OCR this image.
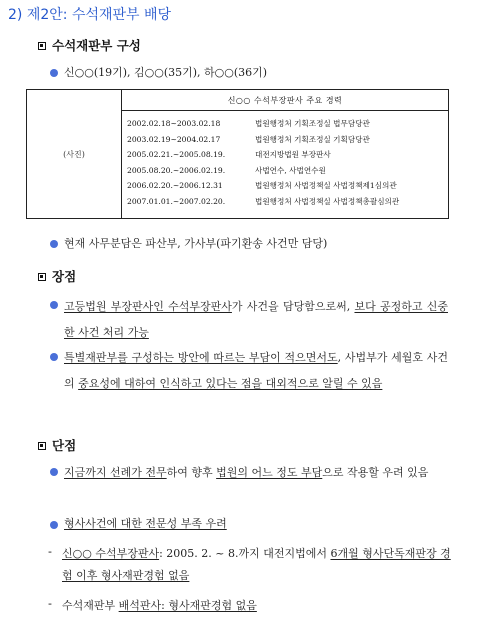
2) 제2안: 수석재판부 배당
수석재판부 구성
신○○(19기), 김○○(35기), 하○○(36기)
(사진)	신○○ 수석부장판사 주요 경력

2002.02.18~2003.02.18	법원행정처 기획조정실 법무담당관
2003.02.19~2004.02.17	법원행정처 기획조정실 기획담당관
2005.02.21.~2005.08.19.	대전지방법원 부장판사
2005.08.20.~2006.02.19.	사법연수, 사법연수원
2006.02.20.~2006.12.31	법원행정처 사법정책실 사법정책제1심의관
2007.01.01.~2007.02.20.	법원행정처 사법정책실 사법정책총괄심의관
현재 사무분담은 파산부, 가사부(파기환송 사건만 담당)
장점
고등법원 부장판사인 수석부장판사가 사건을 담당함으로써, 보다 공정하고 신중한 사건 처리 가능
특별재판부를 구성하는 방안에 따르는 부담이 적으면서도, 사법부가 세월호 사건의 중요성에 대하여 인식하고 있다는 점을 대외적으로 알릴 수 있음
단점
지금까지 선례가 전무하여 향후 법원의 어느 정도 부담으로 작용할 우려 있음
형사사건에 대한 전문성 부족 우려
- 신○○ 수석부장판사: 2005. 2. ~ 8.까지 대전지법에서 6개월 형사단독재판장 경험 이후 형사재판경험 없음
- 수석재판부 배석판사: 형사재판경험 없음
